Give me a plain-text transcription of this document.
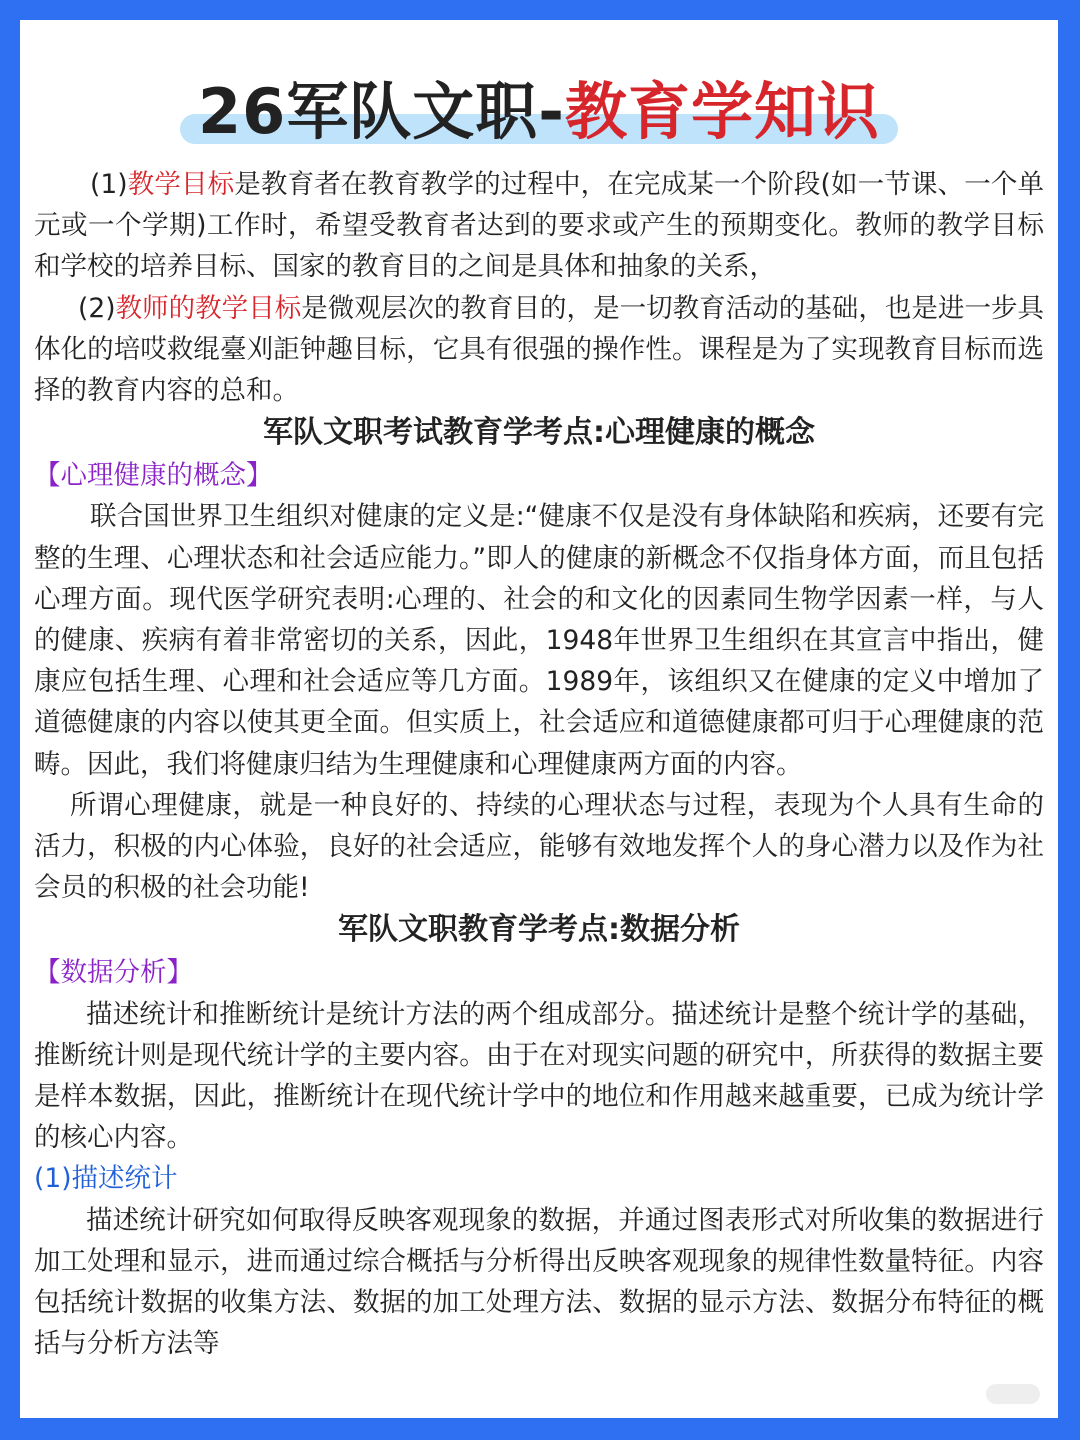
26军队文职-教育学知识

(1)教学目标是教育者在教育教学的过程中，在完成某一个阶段(如一节课、一个单元或一个学期)工作时，希望受教育者达到的要求或产生的预期变化。教师的教学目标和学校的培养目标、国家的教育目的之间是具体和抽象的关系，

(2)教师的教学目标是微观层次的教育目的，是一切教育活动的基础，也是进一步具体化的培哎救绲臺刈詎钟趣目标，它具有很强的操作性。课程是为了实现教育目标而选择的教育内容的总和。

军队文职考试教育学考点:心理健康的概念

【心理健康的概念】

联合国世界卫生组织对健康的定义是:“健康不仅是没有身体缺陷和疾病，还要有完整的生理、心理状态和社会适应能力。”即人的健康的新概念不仅指身体方面，而且包括心理方面。现代医学研究表明:心理的、社会的和文化的因素同生物学因素一样，与人的健康、疾病有着非常密切的关系，因此，1948年世界卫生组织在其宣言中指出，健康应包括生理、心理和社会适应等几方面。1989年，该组织又在健康的定义中增加了道德健康的内容以使其更全面。但实质上，社会适应和道德健康都可归于心理健康的范畴。因此，我们将健康归结为生理健康和心理健康两方面的内容。

所谓心理健康，就是一种良好的、持续的心理状态与过程，表现为个人具有生命的活力，积极的内心体验，良好的社会适应，能够有效地发挥个人的身心潜力以及作为社会员的积极的社会功能!

军队文职教育学考点:数据分析

【数据分析】

描述统计和推断统计是统计方法的两个组成部分。描述统计是整个统计学的基础，推断统计则是现代统计学的主要内容。由于在对现实问题的研究中，所获得的数据主要是样本数据，因此，推断统计在现代统计学中的地位和作用越来越重要，已成为统计学的核心内容。

(1)描述统计

描述统计研究如何取得反映客观现象的数据，并通过图表形式对所收集的数据进行加工处理和显示，进而通过综合概括与分析得出反映客观现象的规律性数量特征。内容包括统计数据的收集方法、数据的加工处理方法、数据的显示方法、数据分布特征的概括与分析方法等
